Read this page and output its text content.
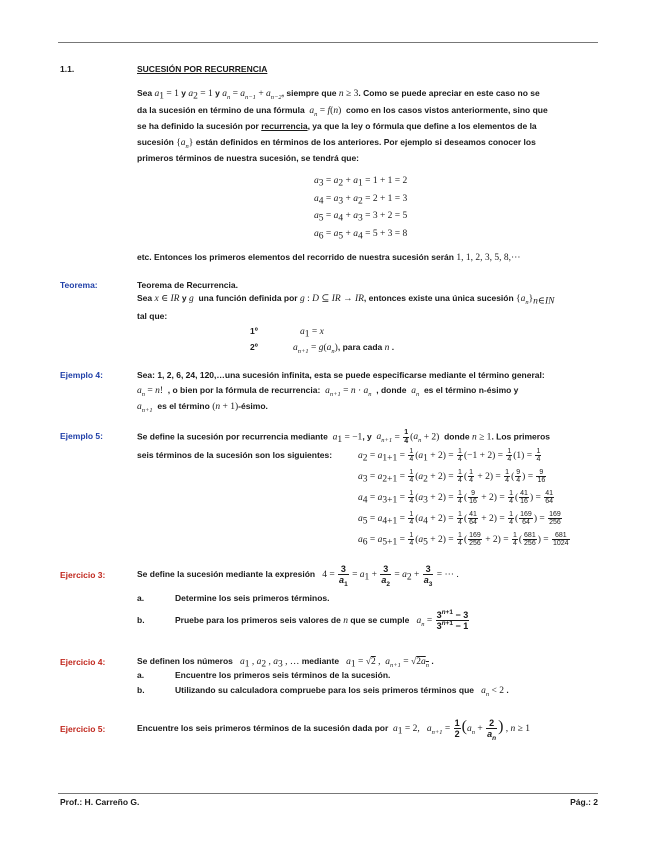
1.1.	SUCESIÓN POR RECURRENCIA
Sea $a_1 = 1$ y $a_2 = 1$ y $a_n = a_{n-1} + a_{n-2}$, siempre que n ≥ 3. Como se puede apreciar en este caso no se
da la sucesión en término de una fórmula $a_n = f(n)$ como en los casos vistos anteriormente, sino que
se ha definido la sucesión por recurrencia, ya que la ley o fórmula que define a los elementos de la
sucesión $\{a_n\}$ están definidos en términos de los anteriores. Por ejemplo si deseamos conocer los
primeros términos de nuestra sucesión, se tendrá que:
$a_3 = a_2 + a_1 = 1 + 1 = 2$
$a_4 = a_3 + a_2 = 2 + 1 = 3$
$a_5 = a_4 + a_3 = 3 + 2 = 5$
$a_6 = a_5 + a_4 = 5 + 3 = 8$
etc. Entonces los primeros elementos del recorrido de nuestra sucesión serán 1, 1, 2, 3, 5, 8,⋯
Teorema:	Teorema de Recurrencia.
Sea x ∈ IR y g una función definida por g : D ⊆ IR → IR, entonces existe una única sucesión $\{a_n\}_{n\in IN}$
tal que:
1º	$a_1 = x$
2º	$a_{n+1} = g(a_n)$, para cada n .
Ejemplo 4:	Sea: 1, 2, 6, 24, 120,…una sucesión infinita, esta se puede especificarse mediante el término general:
$a_n = n$! , o bien por la fórmula de recurrencia: $a_{n+1} = n \cdot a_n$ , donde $a_n$ es el término n-ésimo y
$a_{n+1}$ es el término (n + 1)-ésimo.
Ejemplo 5:	Se define la sucesión por recurrencia mediante $a_1 = -1$, y $a_{n+1} = \frac{1}{4} (a_n + 2)$ donde n ≥ 1. Los primeros
seis términos de la sucesión son los siguientes:	$a_2 = a_{1+1} = \frac{1}{4} (a_1 + 2) = \frac{1}{4} (-1 + 2) = \frac{1}{4} (1) = \frac{1}{4}$
$a_3 = a_{2+1} = \frac{1}{4} (a_2 + 2) = \frac{1}{4}$ ( $\frac{1}{4} + 2) = \frac{1}{4}$ ( $\frac{9}{4}$ ) = $\frac{9}{16}$
$a_4 = a_{3+1} = \frac{1}{4} (a_3 + 2) = \frac{1}{4}$ ( $\frac{9}{16} + 2) = \frac{1}{4}$ ( $\frac{41}{16}$ ) = $\frac{41}{64}$
$a_5 = a_{4+1} = \frac{1}{4} (a_4 + 2) = \frac{1}{4}$ ( $\frac{41}{64} + 2) = \frac{1}{4}$ ( $\frac{169}{64}$ ) = $\frac{169}{256}$
$a_6 = a_{5+1} = \frac{1}{4} (a_5 + 2) = \frac{1}{4}$ ( $\frac{169}{256} + 2) = \frac{1}{4}$ ( $\frac{681}{256}$ ) = $\frac{681}{1024}$
Ejercicio 3:	Se define la sucesión mediante la expresión $4 = \frac{3}{a_1} = a_1 + \frac{3}{a_2} = a_2 + \frac{3}{a_3}$ = ⋯ .
a.	Determine los seis primeros términos.
b.	Pruebe para los primeros seis valores de n que se cumple $a_n = \frac{3^{n+1} - 3}{3^{n+1} - 1}$
Ejercicio 4:	Se definen los números $a_1$ , $a_2$ , $a_3$ , … mediante $a_1 = √2$ ,  $a_{n+1} = √2a_n$ .
a.	Encuentre los primeros seis términos de la sucesión.
b.	Utilizando su calculadora compruebe para los seis primeros términos que $a_n < 2$ .
Ejercicio 5:	Encuentre los seis primeros términos de la sucesión dada por $a_1 = 2$,   $a_{n+1} = \frac{1}{2} (a_n + \frac{2}{a_n}$ ) , n ≥ 1
Prof.: H. Carreño G.	Pág.: 2
